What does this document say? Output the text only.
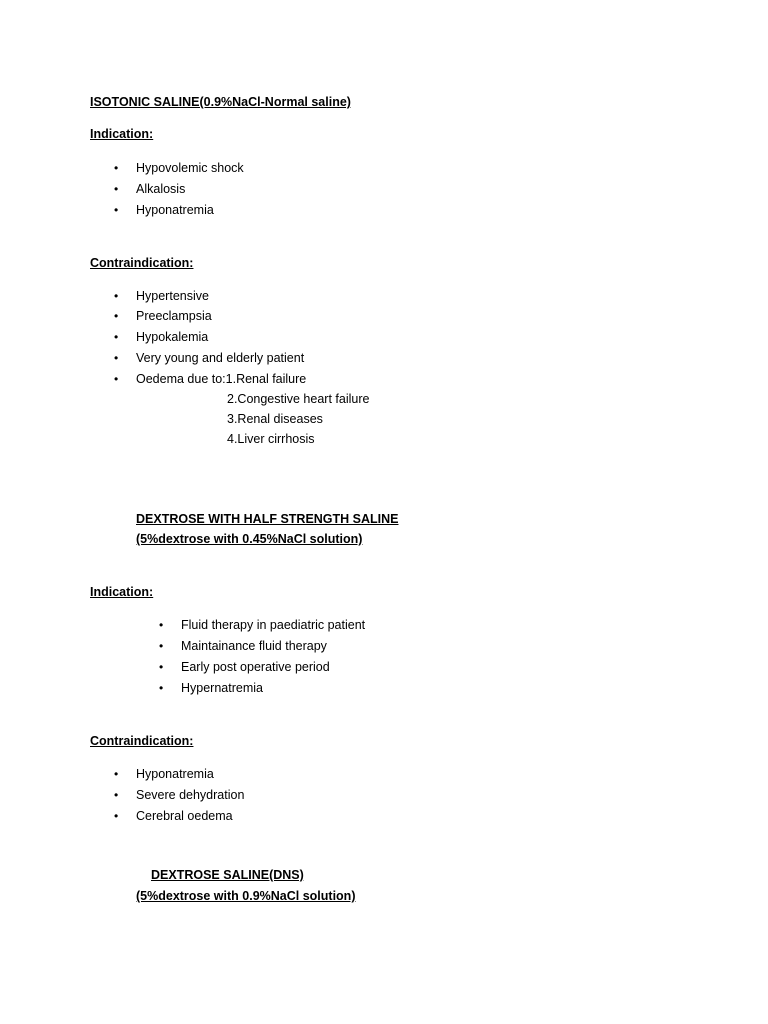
ISOTONIC SALINE(0.9%NaCl-Normal saline)
Indication:
• Hypovolemic shock
• Alkalosis
• Hyponatremia
Contraindication:
• Hypertensive
• Preeclampsia
• Hypokalemia
• Very young and elderly patient
• Oedema due to:1.Renal failure
2.Congestive heart failure
3.Renal diseases
4.Liver cirrhosis
DEXTROSE WITH HALF STRENGTH SALINE
(5%dextrose with 0.45%NaCl solution)
Indication:
• Fluid therapy in paediatric patient
• Maintainance fluid therapy
• Early post operative period
• Hypernatremia
Contraindication:
• Hyponatremia
• Severe dehydration
• Cerebral oedema
DEXTROSE SALINE(DNS)
(5%dextrose with 0.9%NaCl solution)
